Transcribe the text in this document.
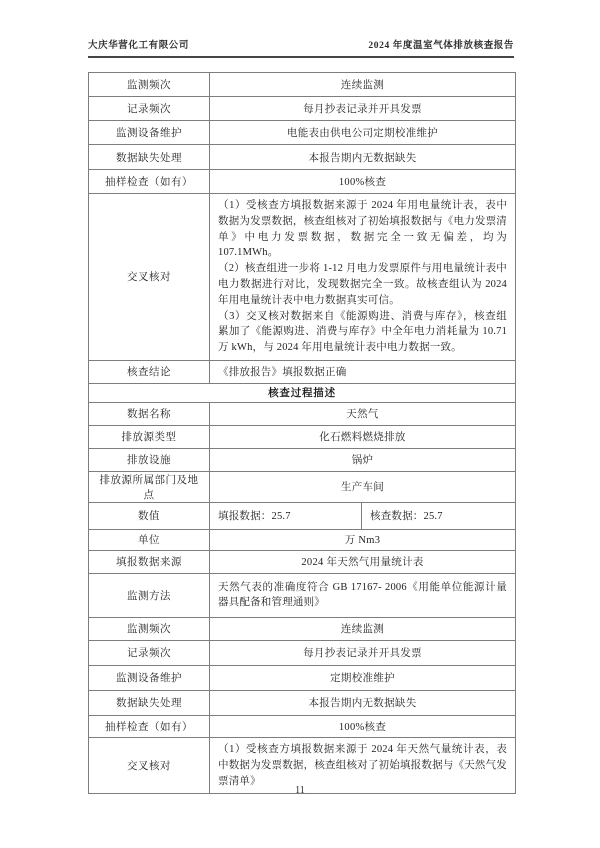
大庆华营化工有限公司	2024 年度温室气体排放核查报告
监测频次	连续监测	
记录频次	每月抄表记录并开具发票	
监测设备维护	电能表由供电公司定期校准维护	
数据缺失处理	本报告期内无数据缺失	
抽样检查（如有）	100%核查	
交叉核对	（1）受核查方填报数据来源于 2024 年用电量统计表，表中数据为发票数据，核查组核对了初始填报数据与《电力发票清单》中电力发票数据，数据完全一致无偏差，均为 107.1MWh。

（2）核查组进一步将 1-12 月电力发票原件与用电量统计表中电力数据进行对比，发现数据完全一致。故核查组认为 2024 年用电量统计表中电力数据真实可信。

（3）交叉核对数据来自《能源购进、消费与库存》，核查组累加了《能源购进、消费与库存》中全年电力消耗量为 10.71 万 kWh，与 2024 年用电量统计表中电力数据一致。	

核查结论	《排放报告》填报数据正确	
核查过程描述		
数据名称	天然气	
排放源类型	化石燃料燃烧排放	
排放设施	锅炉	
排放源所属部门及地点	生产车间	
数值	填报数据：25.7	核查数据：25.7
单位	万 Nm3	
填报数据来源	2024 年天然气用量统计表	
监测方法	天然气表的准确度符合 GB 17167- 2006《用能单位能源计量器具配备和管理通则》	
监测频次	连续监测	
记录频次	每月抄表记录并开具发票	
监测设备维护	定期校准维护	
数据缺失处理	本报告期内无数据缺失	
抽样检查（如有）	100%核查	
交叉核对	（1）受核查方填报数据来源于 2024 年天然气量统计表，表中数据为发票数据，核查组核对了初始填报数据与《天然气发票清单》	
11
